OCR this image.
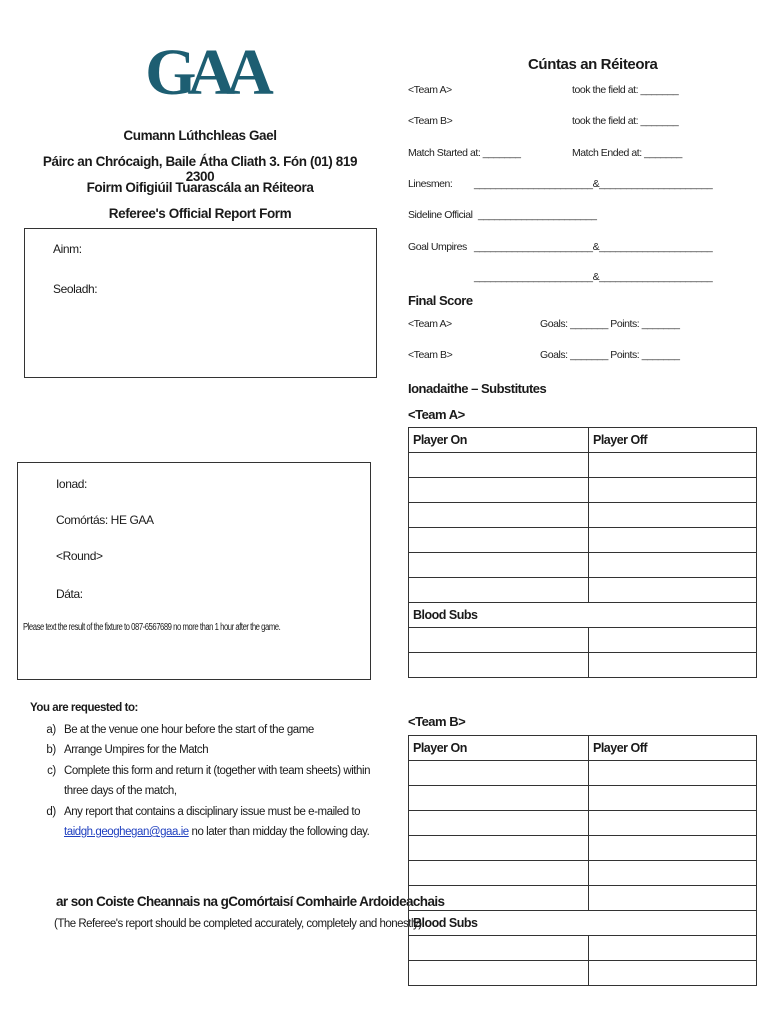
GAA
Cumann Lúthchleas Gael
Páirc an Chrócaigh, Baile Átha Cliath 3. Fón (01) 819 2300
Foirm Oifigiúil Tuarascála an Réiteora
Referee's Official Report Form
Ainm:
Seoladh:
Ionad:
Comórtás: HE GAA
<Round>
Dáta:
Please text the result of the fixture to 087-6567689 no more than 1 hour after the game.
You are requested to:
a. Be at the venue one hour before the start of the game
b. Arrange Umpires for the Match
c. Complete this form and return it (together with team sheets) within three days of the match,
d. Any report that contains a disciplinary issue must be e-mailed to
taidgh.geoghegan@gaa.ie no later than midday the following day.
ar son Coiste Cheannais na gComórtaisí Comhairle Ardoideachais
(The Referee's report should be completed accurately, completely and honestly)
Cúntas an Réiteora
<Team A>	took the field at: _______
<Team B>	took the field at: _______
Match Started at: _______	Match Ended at: _______
Linesmen: ______________________&_____________________
Sideline Official ______________________
Goal Umpires ______________________&_____________________
______________________&_____________________
Final Score
<Team A>	Goals: _______ Points: _______
<Team B>	Goals: _______ Points: _______
Ionadaithe – Substitutes
<Team A>
Player On	Player Off

Blood Subs	

<Team B>
Player On	Player Off

Blood Subs	
